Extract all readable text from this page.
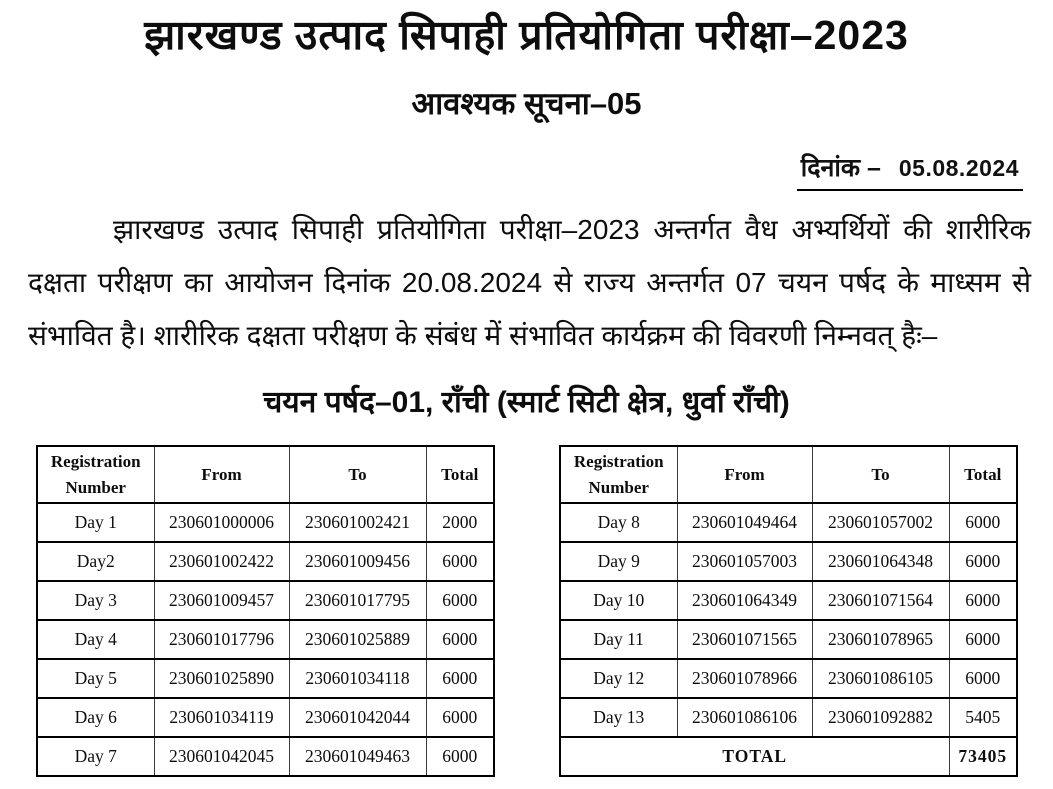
झारखण्ड उत्पाद सिपाही प्रतियोगिता परीक्षा–2023
आवश्यक सूचना–05
दिनांक – 05.08.2024

झारखण्ड उत्पाद सिपाही प्रतियोगिता परीक्षा–2023 अन्तर्गत वैध अभ्यर्थियों की शारीरिक दक्षता परीक्षण का आयोजन दिनांक 20.08.2024 से राज्य अन्तर्गत 07 चयन पर्षद के माध्सम से संभावित है। शारीरिक दक्षता परीक्षण के संबंध में संभावित कार्यक्रम की विवरणी निम्नवत् हैः–

चयन पर्षद–01, राँची (स्मार्ट सिटी क्षेत्र, धुर्वा राँची)
Registration Number	From	To	Total
Day 1	230601000006	230601002421	2000
Day2	230601002422	230601009456	6000
Day 3	230601009457	230601017795	6000
Day 4	230601017796	230601025889	6000
Day 5	230601025890	230601034118	6000
Day 6	230601034119	230601042044	6000
Day 7	230601042045	230601049463	6000
Registration Number	From	To	Total
Day 8	230601049464	230601057002	6000
Day 9	230601057003	230601064348	6000
Day 10	230601064349	230601071564	6000
Day 11	230601071565	230601078965	6000
Day 12	230601078966	230601086105	6000
Day 13	230601086106	230601092882	5405
TOTAL			73405
